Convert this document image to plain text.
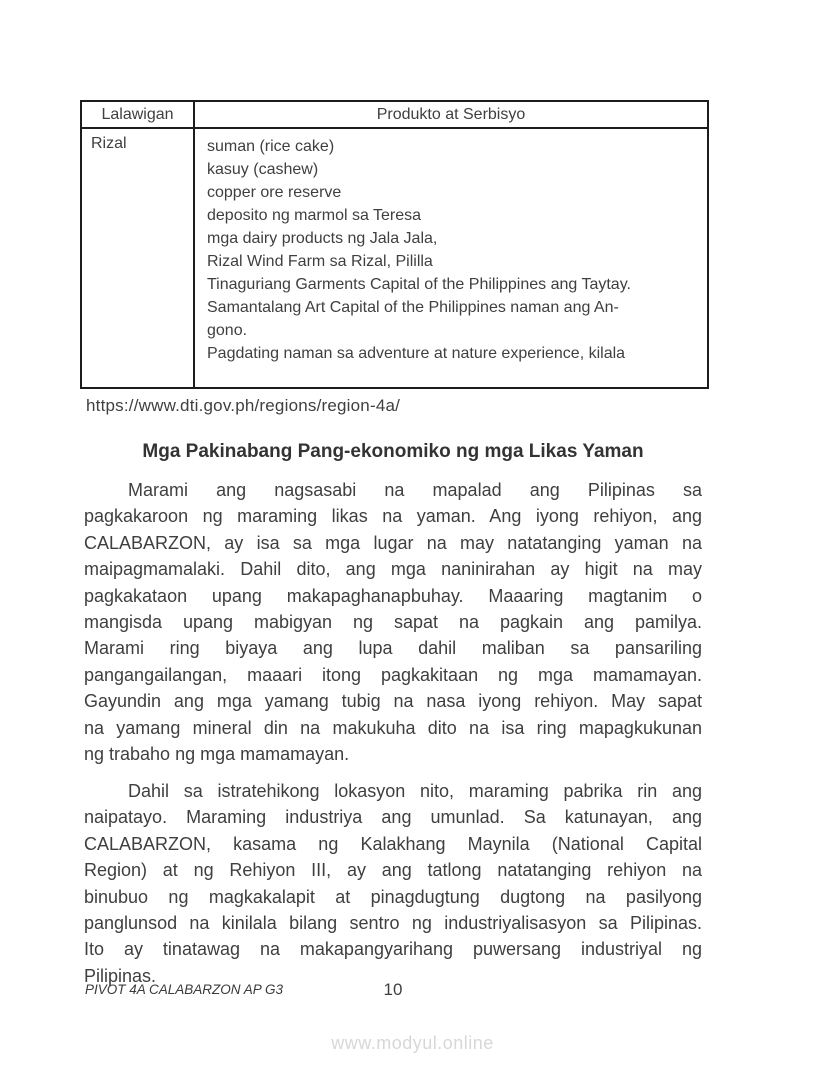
Lalawigan	Produkto at Serbisyo
Rizal	suman (rice cake)
kasuy (cashew)
copper ore reserve
deposito ng marmol sa Teresa
mga dairy products ng Jala Jala,
Rizal Wind Farm sa Rizal, Pililla
Tinaguriang Garments Capital of the Philippines ang Taytay.
Samantalang Art Capital of the Philippines naman ang An-
gono.
Pagdating naman sa adventure at nature experience, kilala
https://www.dti.gov.ph/regions/region-4a/
Mga Pakinabang Pang-ekonomiko ng mga Likas Yaman
Marami ang nagsasabi na mapalad ang Pilipinas sa
pagkakaroon ng maraming likas na yaman. Ang iyong rehiyon, ang
CALABARZON, ay isa sa mga lugar na may natatanging yaman na
maipagmamalaki. Dahil dito, ang mga naninirahan ay higit na may
pagkakataon upang makapaghanapbuhay. Maaaring magtanim o
mangisda upang mabigyan ng sapat na pagkain ang pamilya.
Marami ring biyaya ang lupa dahil maliban sa pansariling
pangangailangan, maaari itong pagkakitaan ng mga mamamayan.
Gayundin ang mga yamang tubig na nasa iyong rehiyon. May sapat
na yamang mineral din na makukuha dito na isa ring mapagkukunan
ng trabaho ng mga mamamayan.
Dahil sa istratehikong lokasyon nito, maraming pabrika rin ang
naipatayo. Maraming industriya ang umunlad. Sa katunayan, ang
CALABARZON, kasama ng Kalakhang Maynila (National Capital
Region) at ng Rehiyon III, ay ang tatlong natatanging rehiyon na
binubuo ng magkakalapit at pinagdugtung dugtong na pasilyong
panglunsod na kinilala bilang sentro ng industriyalisasyon sa Pilipinas.
Ito ay tinatawag na makapangyarihang puwersang industriyal ng
Pilipinas.
PIVOT 4A CALABARZON AP G3	10
www.modyul.online
